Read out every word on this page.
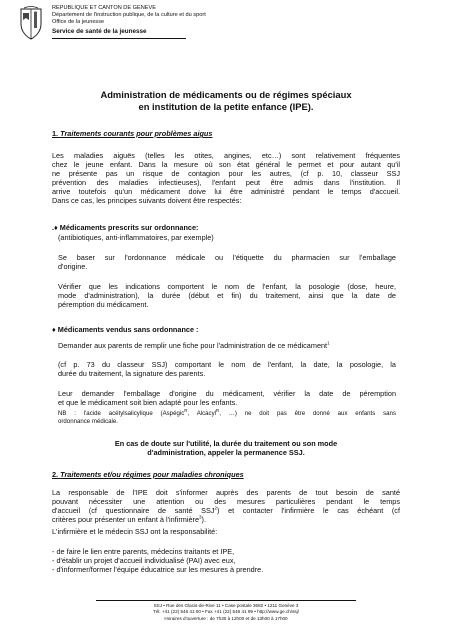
REPUBLIQUE ET CANTON DE GENEVE
Département de l'instruction publique, de la culture et du sport
Office de la jeunesse
Service de santé de la jeunesse
Administration de médicaments ou de régimes spéciaux
en institution de la petite enfance (IPE).
1. Traitements courants pour problèmes aigus
Les maladies aiguës (telles les otites, angines, etc…) sont relativement fréquentes
chez le jeune enfant. Dans la mesure où son état général le permet et pour autant qu'il
ne présente pas un risque de contagion pour les autres, (cf p. 10, classeur SSJ
prévention des maladies infectieuses), l'enfant peut être admis dans l'institution. Il
arrive toutefois qu'un médicament doive lui être administré pendant le temps d'accueil.
Dans ce cas, les principes suivants doivent être respectés:
.♦ Médicaments prescrits sur ordonnance:
(antibiotiques, anti-inflammatoires, par exemple)
Se baser sur l'ordonnance médicale ou l'étiquette du pharmacien sur l'emballage
d'origine.
Vérifier que les indications comportent le nom de l'enfant, la posologie (dose, heure,
mode d'administration), la durée (début et fin) du traitement, ainsi que la date de
péremption du médicament.
♦ Médicaments vendus sans ordonnance :
Demander aux parents de remplir une fiche pour l'administration de ce médicament$^1$
(cf p. 73 du classeur SSJ) comportant le nom de l'enfant, la date, la posologie, la
durée du traitement, la signature des parents.
Leur demander l'emballage d'origine du médicament, vérifier la date de péremption
et que le médicament soit bien adapté pour les enfants.
NB : l'acide acétylsalicylique (Aspégic$^R$, Alcacyl$^R$, …) ne doit pas être donné aux enfants sans
ordonnance médicale.
En cas de doute sur l'utilité, la durée du traitement ou son mode
d'administration, appeler la permanence SSJ.
2. Traitements et/ou régimes pour maladies chroniques
La responsable de l'IPE doit s'informer auprès des parents de tout besoin de santé
pouvant nécessiter une attention ou des mesures particulières pendant le temps
d'accueil (cf questionnaire de santé SSJ$^2$) et contacter l'infirmière le cas échéant (cf
critères pour présenter un enfant à l'infirmière$^3$).
L'infirmière et le médecin SSJ ont la responsabilité:
- de faire le lien entre parents, médecins traitants et IPE,
- d'établir un projet d'accueil individualisé (PAI) avec eux,
- d'informer/former l'équipe éducatrice sur les mesures à prendre.
SSJ • Rue des Glacis-de-Rive 11 • Case postale 3682 • 1211 Genève 3
Tél. +41 (22) 546 41 00 • Fax +41 (22) 546 41 99 • http://www.ge.ch/ssj/
Horaires d'ouverture : de 7h30 à 12h00 et de 13h00 à 17h00
